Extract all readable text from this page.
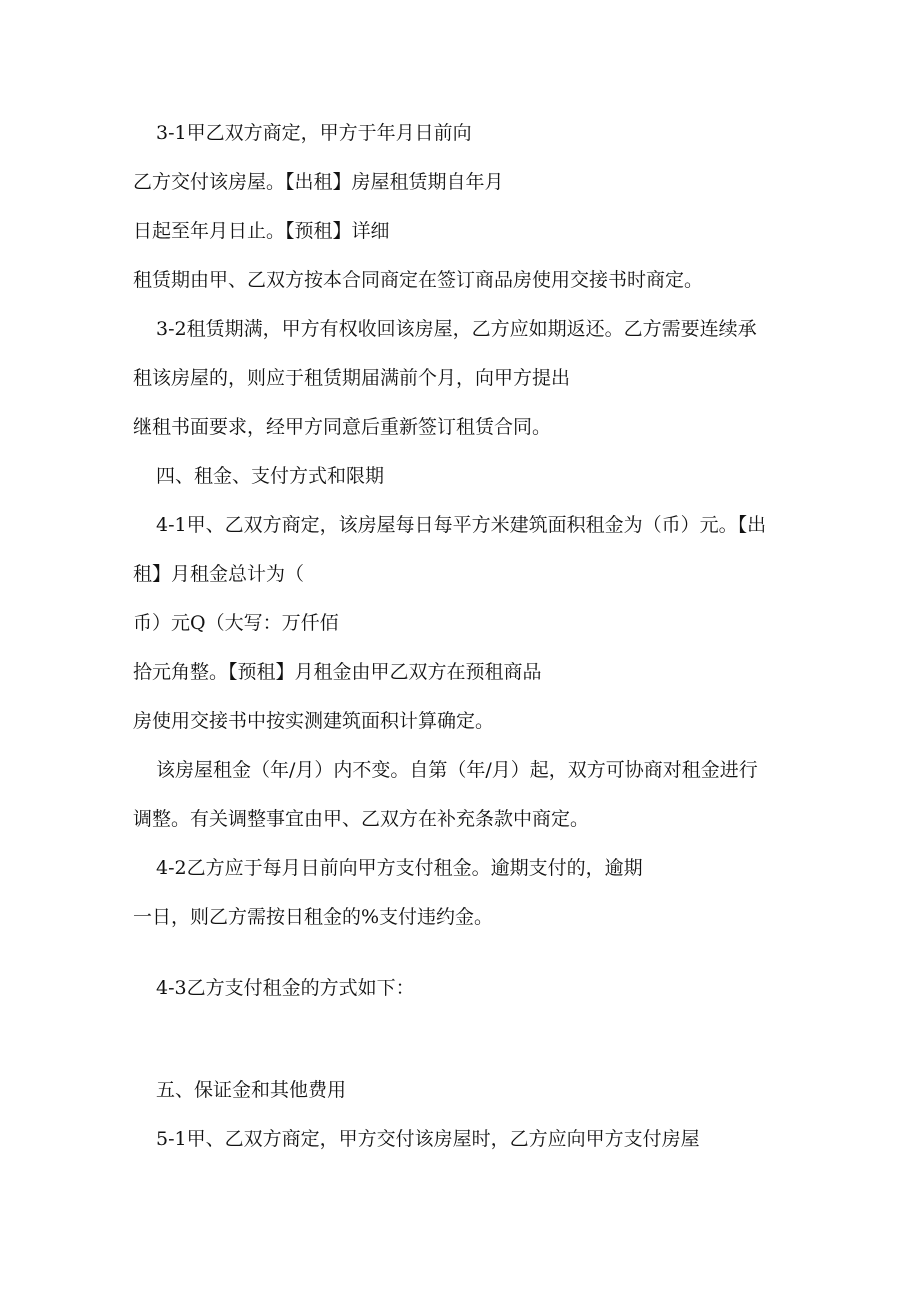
3-1甲乙双方商定，甲方于年月日前向

乙方交付该房屋。【出租】房屋租赁期自年月

日起至年月日止。【预租】详细

租赁期由甲、乙双方按本合同商定在签订商品房使用交接书时商定。

3-2租赁期满，甲方有权收回该房屋，乙方应如期返还。乙方需要连续承

租该房屋的，则应于租赁期届满前个月，向甲方提出

继租书面要求，经甲方同意后重新签订租赁合同。

四、租金、支付方式和限期

4-1甲、乙双方商定，该房屋每日每平方米建筑面积租金为（币）元。【出

租】月租金总计为（

币）元Q（大写：万仟佰

拾元角整。【预租】月租金由甲乙双方在预租商品

房使用交接书中按实测建筑面积计算确定。

该房屋租金（年/月）内不变。自第（年/月）起，双方可协商对租金进行

调整。有关调整事宜由甲、乙双方在补充条款中商定。

4-2乙方应于每月日前向甲方支付租金。逾期支付的，逾期

一日，则乙方需按日租金的%支付违约金。

4-3乙方支付租金的方式如下：

五、保证金和其他费用

5-1甲、乙双方商定，甲方交付该房屋时，乙方应向甲方支付房屋
